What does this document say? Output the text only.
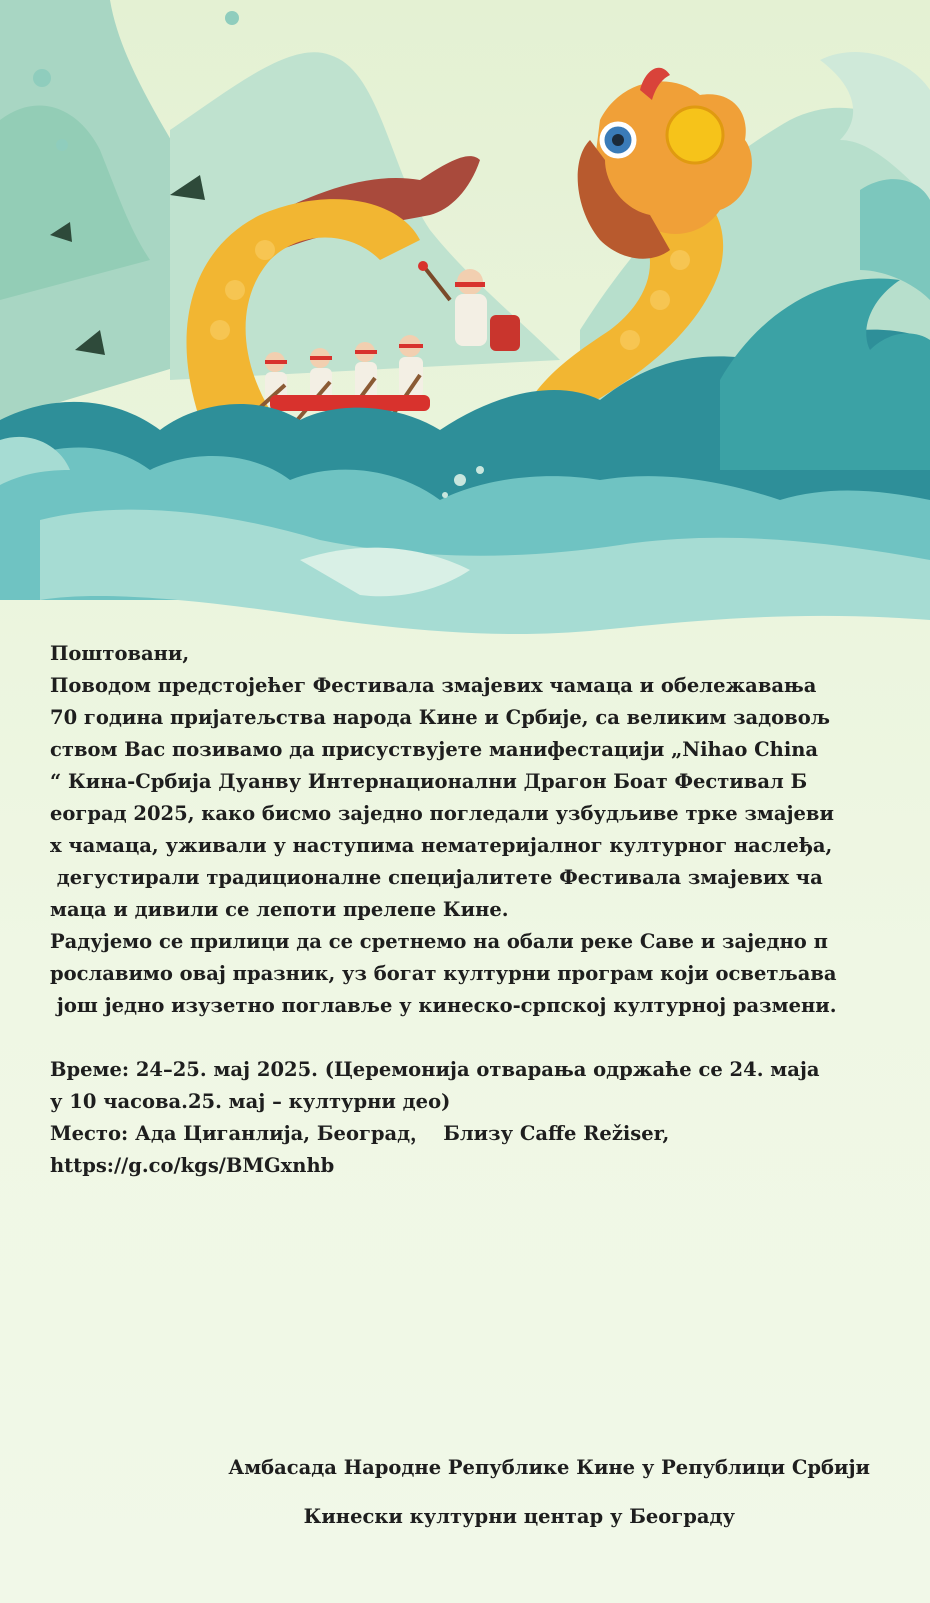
Поштовани,

Поводом предстојећег Фестивала змајевих чамаца и обележавања

70 година пријатељства народа Кине и Србије, са великим задовољ

ством Вас позивамо да присуствујете манифестацији „Nihao China

“ Кина-Србија Дуанву Интернационални Драгон Боат Фестивал Б

еоград 2025, како бисмо заједно погледали узбудљиве трке змајеви

х чамаца, уживали у наступима нематеријалног културног наслеђа,

дегустирали традиционалне специјалитете Фестивала змајевих ча

маца и дивили се лепоти прелепе Кине.

Радујемо се прилици да се сретнемо на обали реке Саве и заједно п

рославимо овај празник, уз богат културни програм који осветљава

још једно изузетно поглавље у кинеско-српској културној размени.

Време: 24–25. мај 2025. (Церемонија отварања одржаће се 24. маја

у 10 часова.25. мај – културни део)

Место: Ада Циганлија, Београд，  Близу Caffe Režiser,

https://g.co/kgs/BMGxnhb

Амбасада Народне Републике Кине у Републици Србији
Кинески културни центар у Београду
